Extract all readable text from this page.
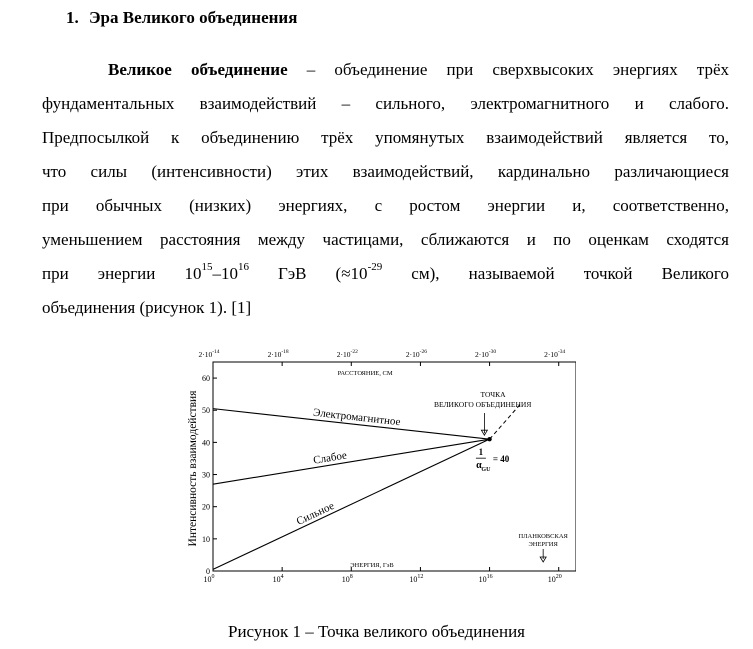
1. Эра Великого объединения
Великое объединение – объединение при сверхвысоких энергиях трёх
фундаментальных взаимодействий – сильного, электромагнитного и слабого.
Предпосылкой к объединению трёх упомянутых взаимодействий является то,
что силы (интенсивности) этих взаимодействий, кардинально различающиеся
при обычных (низких) энергиях, с ростом энергии и, соответственно,
уменьшением расстояния между частицами, сближаются и по оценкам сходятся
при энергии $10^{15}-10^{16}$ ГэВ ($\approx 10^{-29}$ см), называемой точкой Великого
объединения (рисунок 1). [1]
0
10
20
30
40
50
60
$10^0$	$10^4$	$10^8$	$10^{12}$	$10^{16}$	$10^{20}$
$2\cdot 10^{-14}$	$2\cdot 10^{-18}$	$2\cdot 10^{-22}$	$2\cdot 10^{-26}$	$2\cdot 10^{-30}$	$2\cdot 10^{-34}$
РАССТОЯНИЕ, СМ
ЭНЕРГИЯ, ГэВ
Интенсивность взаимодействия	Электромагнитное
Слабое
Сильное
ТОЧКА
ВЕЛИКОГО ОБЪЕДИНЕНИЯ
1
α GU
= 40
ПЛАНКОВСКАЯ
ЭНЕРГИЯ
Рисунок 1 – Точка великого объединения
